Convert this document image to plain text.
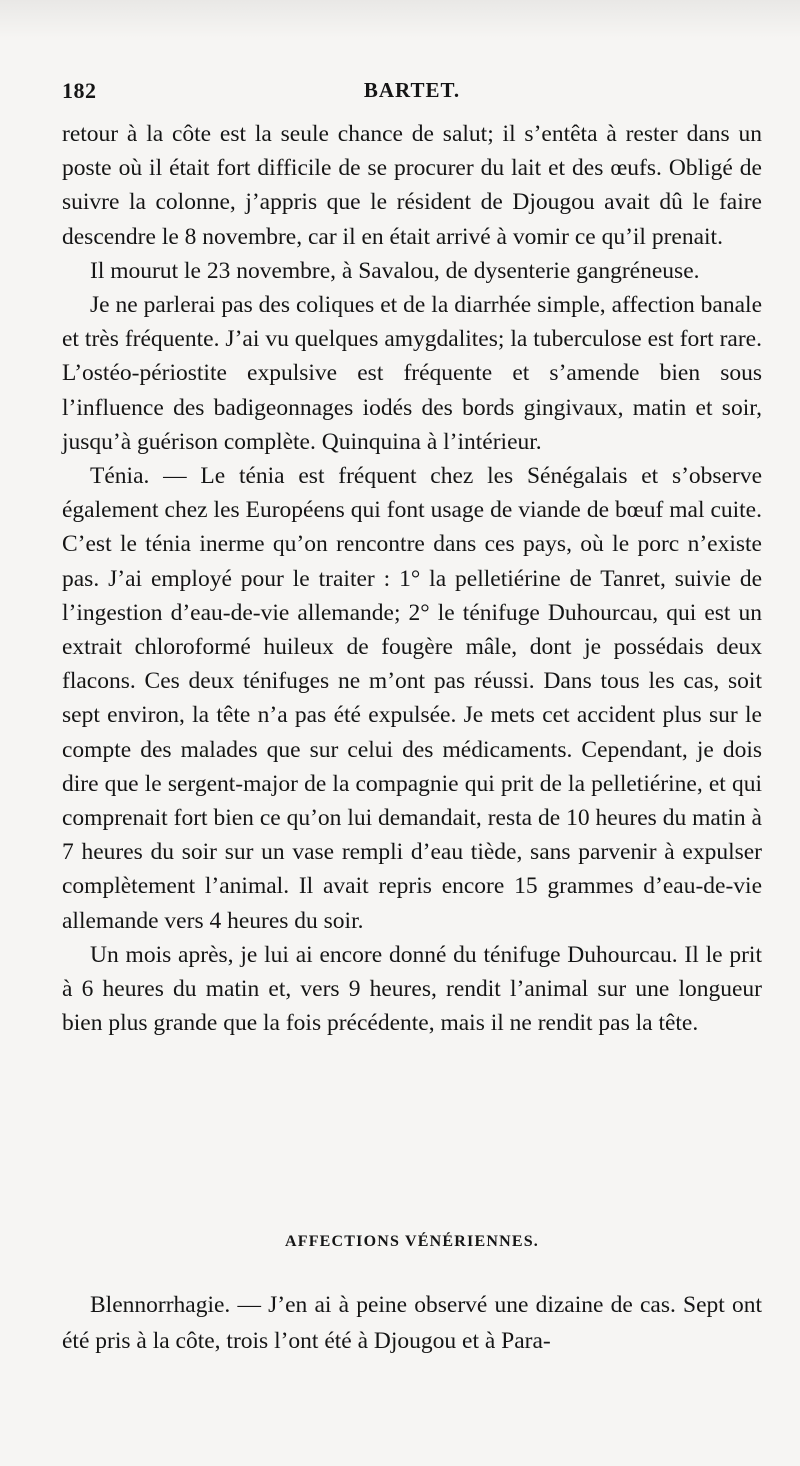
182	BARTET.

retour à la côte est la seule chance de salut; il s’entêta à rester dans un poste où il était fort difficile de se procurer du lait et des œufs. Obligé de suivre la colonne, j’appris que le résident de Djougou avait dû le faire descendre le 8 novembre, car il en était arrivé à vomir ce qu’il prenait.

Il mourut le 23 novembre, à Savalou, de dysenterie gangréneuse.

Je ne parlerai pas des coliques et de la diarrhée simple, affection banale et très fréquente. J’ai vu quelques amygdalites; la tuberculose est fort rare. L’ostéo-périostite expulsive est fréquente et s’amende bien sous l’influence des badigeonnages iodés des bords gingivaux, matin et soir, jusqu’à guérison complète. Quinquina à l’intérieur.

Ténia. — Le ténia est fréquent chez les Sénégalais et s’observe également chez les Européens qui font usage de viande de bœuf mal cuite. C’est le ténia inerme qu’on rencontre dans ces pays, où le porc n’existe pas. J’ai employé pour le traiter : 1° la pelletiérine de Tanret, suivie de l’ingestion d’eau-de-vie allemande; 2° le ténifuge Duhourcau, qui est un extrait chloroformé huileux de fougère mâle, dont je possédais deux flacons. Ces deux ténifuges ne m’ont pas réussi. Dans tous les cas, soit sept environ, la tête n’a pas été expulsée. Je mets cet accident plus sur le compte des malades que sur celui des médicaments. Cependant, je dois dire que le sergent-major de la compagnie qui prit de la pelletiérine, et qui comprenait fort bien ce qu’on lui demandait, resta de 10 heures du matin à 7 heures du soir sur un vase rempli d’eau tiède, sans parvenir à expulser complètement l’animal. Il avait repris encore 15 grammes d’eau-de-vie allemande vers 4 heures du soir.

Un mois après, je lui ai encore donné du ténifuge Duhourcau. Il le prit à 6 heures du matin et, vers 9 heures, rendit l’animal sur une longueur bien plus grande que la fois précédente, mais il ne rendit pas la tête.

AFFECTIONS VÉNÉRIENNES.

Blennorrhagie. — J’en ai à peine observé une dizaine de cas. Sept ont été pris à la côte, trois l’ont été à Djougou et à Para-
